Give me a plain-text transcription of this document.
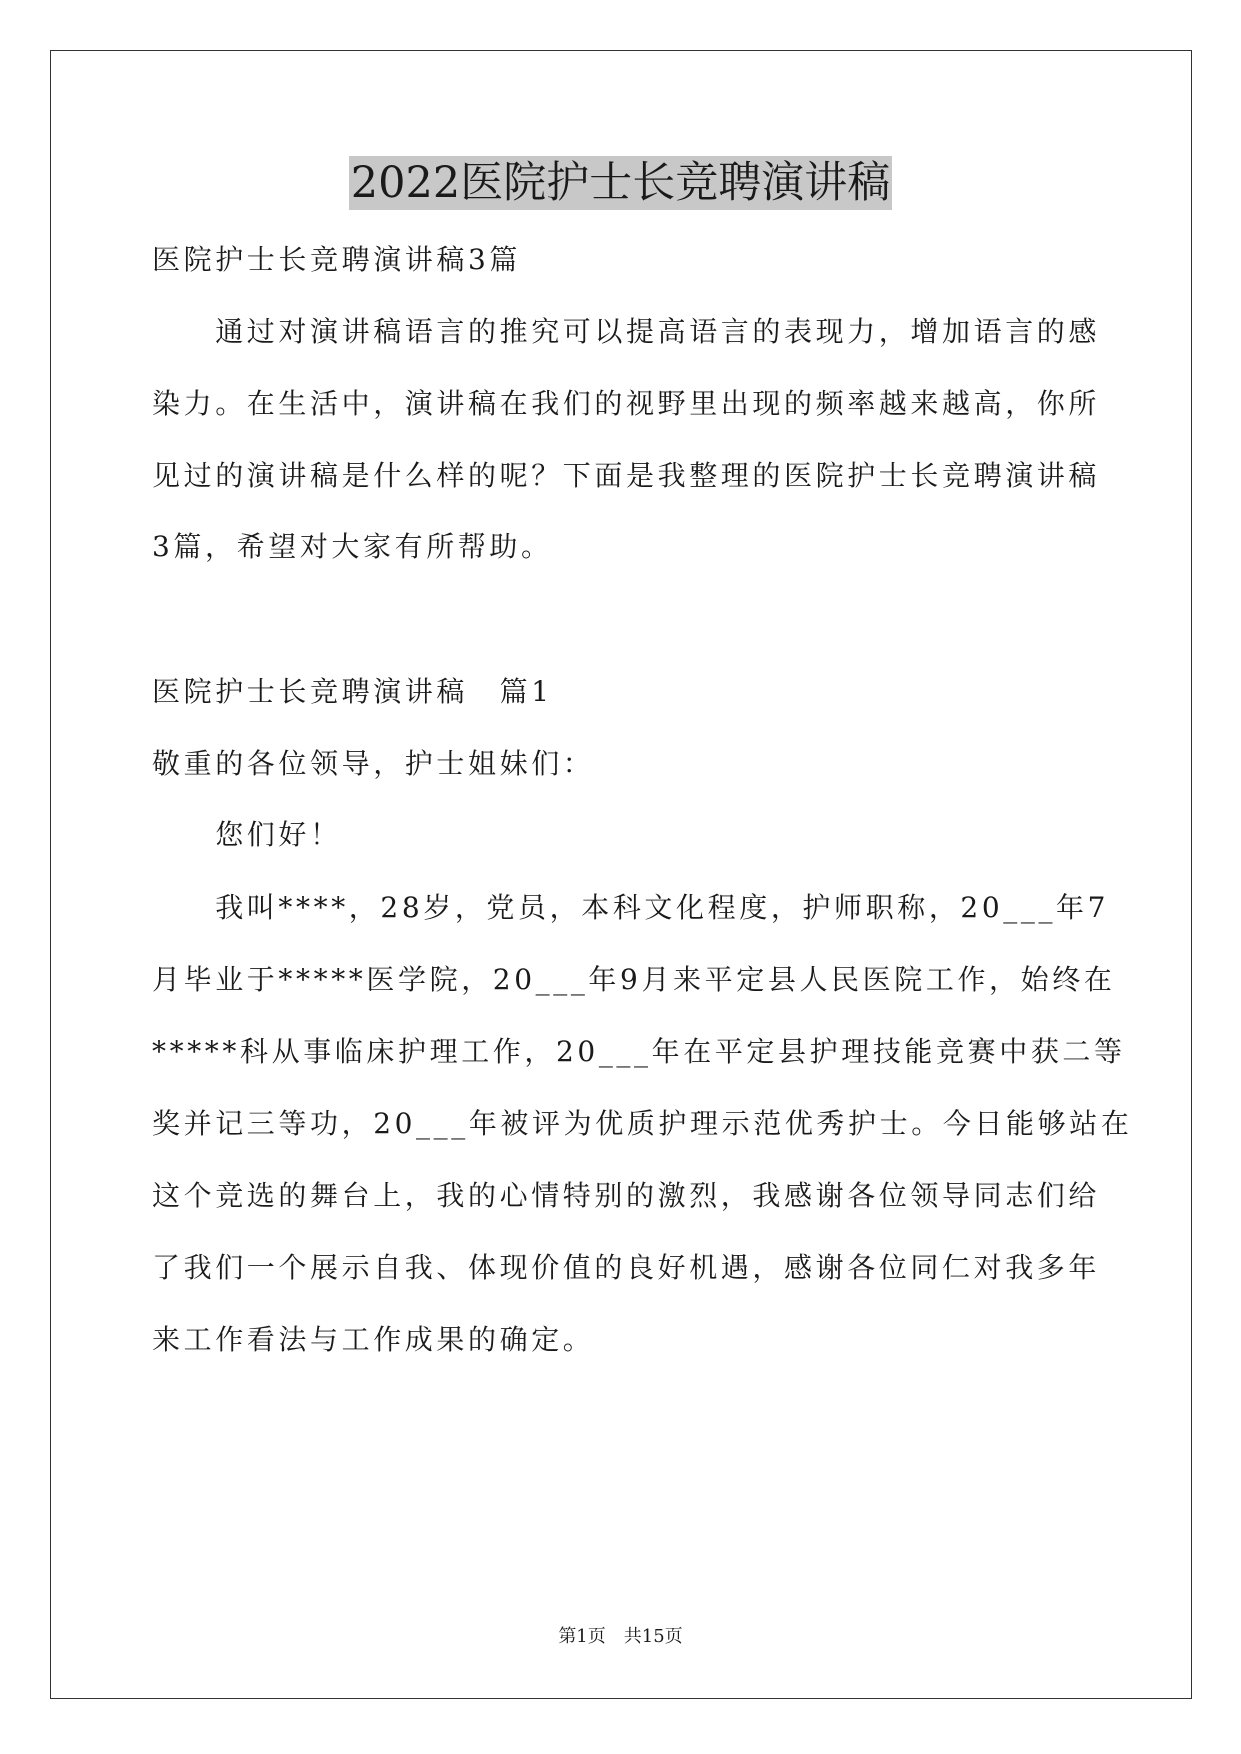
2022医院护士长竞聘演讲稿

医院护士长竞聘演讲稿3篇

　　通过对演讲稿语言的推究可以提高语言的表现力，增加语言的感

染力。在生活中，演讲稿在我们的视野里出现的频率越来越高，你所

见过的演讲稿是什么样的呢？下面是我整理的医院护士长竞聘演讲稿

3篇，希望对大家有所帮助。

医院护士长竞聘演讲稿　篇1

敬重的各位领导，护士姐妹们：

　　您们好！

　　我叫****，28岁，党员，本科文化程度，护师职称，20___年7

月毕业于*****医学院，20___年9月来平定县人民医院工作，始终在

*****科从事临床护理工作，20___年在平定县护理技能竞赛中获二等

奖并记三等功，20___年被评为优质护理示范优秀护士。今日能够站在

这个竞选的舞台上，我的心情特别的激烈，我感谢各位领导同志们给

了我们一个展示自我、体现价值的良好机遇，感谢各位同仁对我多年

来工作看法与工作成果的确定。

第1页　共15页
